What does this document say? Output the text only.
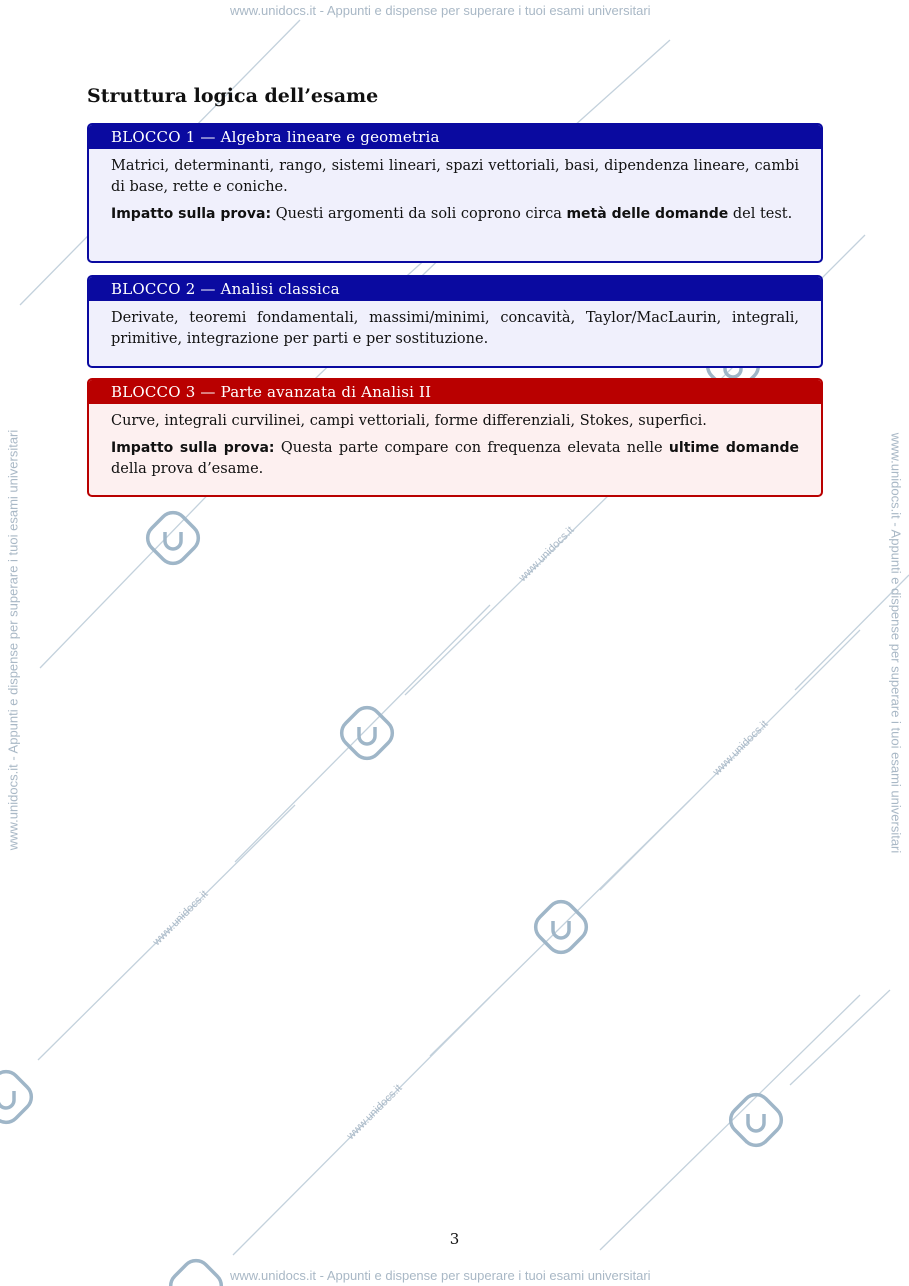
www.unidocs.it
www.unidocs.it
www.unidocs.it
www.unidocs.it
www.unidocs.it - Appunti e dispense per superare i tuoi esami universitari
www.unidocs.it - Appunti e dispense per superare i tuoi esami universitari
www.unidocs.it - Appunti e dispense per superare i tuoi esami universitari	www.unidocs.it - Appunti e dispense per superare i tuoi esami universitari
Struttura logica dell’esame
BLOCCO 1 — Algebra lineare e geometria

Matrici, determinanti, rango, sistemi lineari, spazi vettoriali, basi, dipendenza lineare, cambi di base, rette e coniche.

Impatto sulla prova: Questi argomenti da soli coprono circa metà delle domande del test.

BLOCCO 2 — Analisi classica

Derivate, teoremi fondamentali, massimi/minimi, concavità, Taylor/MacLaurin, integrali, primitive, integrazione per parti e per sostituzione.

BLOCCO 3 — Parte avanzata di Analisi II

Curve, integrali curvilinei, campi vettoriali, forme differenziali, Stokes, superfici.

Impatto sulla prova: Questa parte compare con frequenza elevata nelle ultime domande della prova d’esame.

3
